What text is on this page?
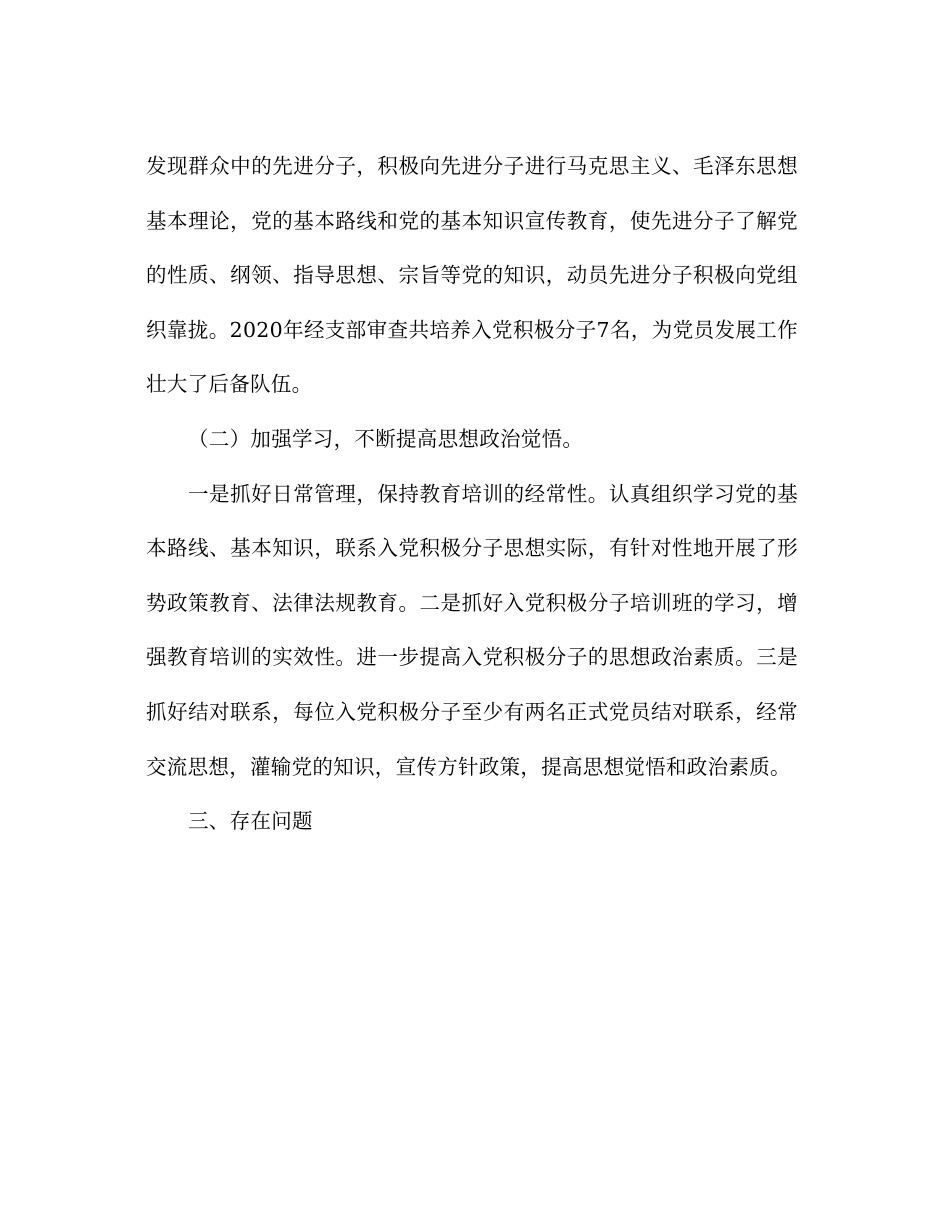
发现群众中的先进分子，积极向先进分子进行马克思主义、毛泽东思想基本理论，党的基本路线和党的基本知识宣传教育，使先进分子了解党的性质、纲领、指导思想、宗旨等党的知识，动员先进分子积极向党组织靠拢。2020年经支部审查共培养入党积极分子7名，为党员发展工作壮大了后备队伍。

（二）加强学习，不断提高思想政治觉悟。

一是抓好日常管理，保持教育培训的经常性。认真组织学习党的基本路线、基本知识，联系入党积极分子思想实际，有针对性地开展了形势政策教育、法律法规教育。二是抓好入党积极分子培训班的学习，增强教育培训的实效性。进一步提高入党积极分子的思想政治素质。三是抓好结对联系，每位入党积极分子至少有两名正式党员结对联系，经常交流思想，灌输党的知识，宣传方针政策，提高思想觉悟和政治素质。

三、存在问题
